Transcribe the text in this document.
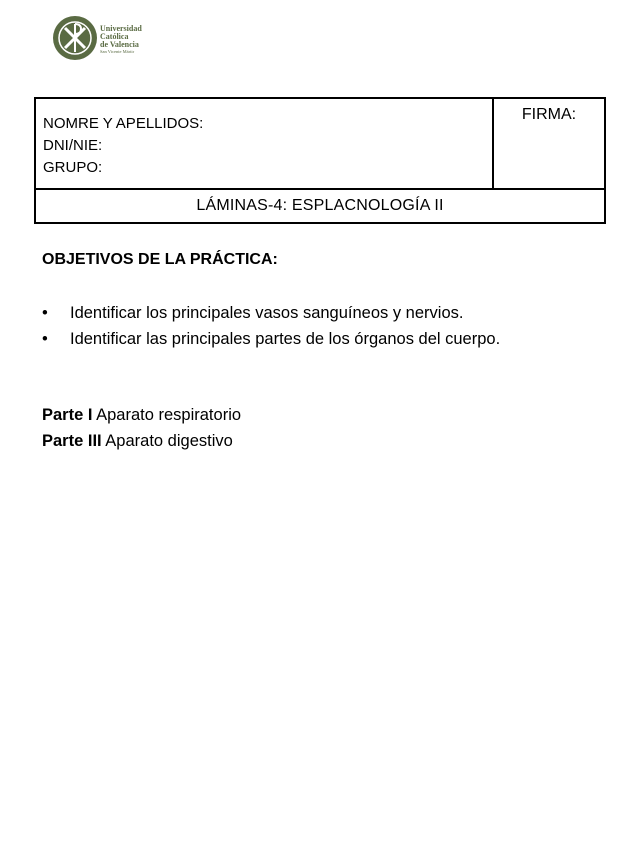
Universidad
Católica
de Valencia
San Vicente Mártir
NOMRE Y APELLIDOS:
DNI/NIE:
GRUPO:
FIRMA:
LÁMINAS-4: ESPLACNOLOGÍA II
OBJETIVOS DE LA PRÁCTICA:
• Identificar los principales vasos sanguíneos y nervios.
• Identificar las principales partes de los órganos del cuerpo.
Parte I Aparato respiratorio
Parte III Aparato digestivo
